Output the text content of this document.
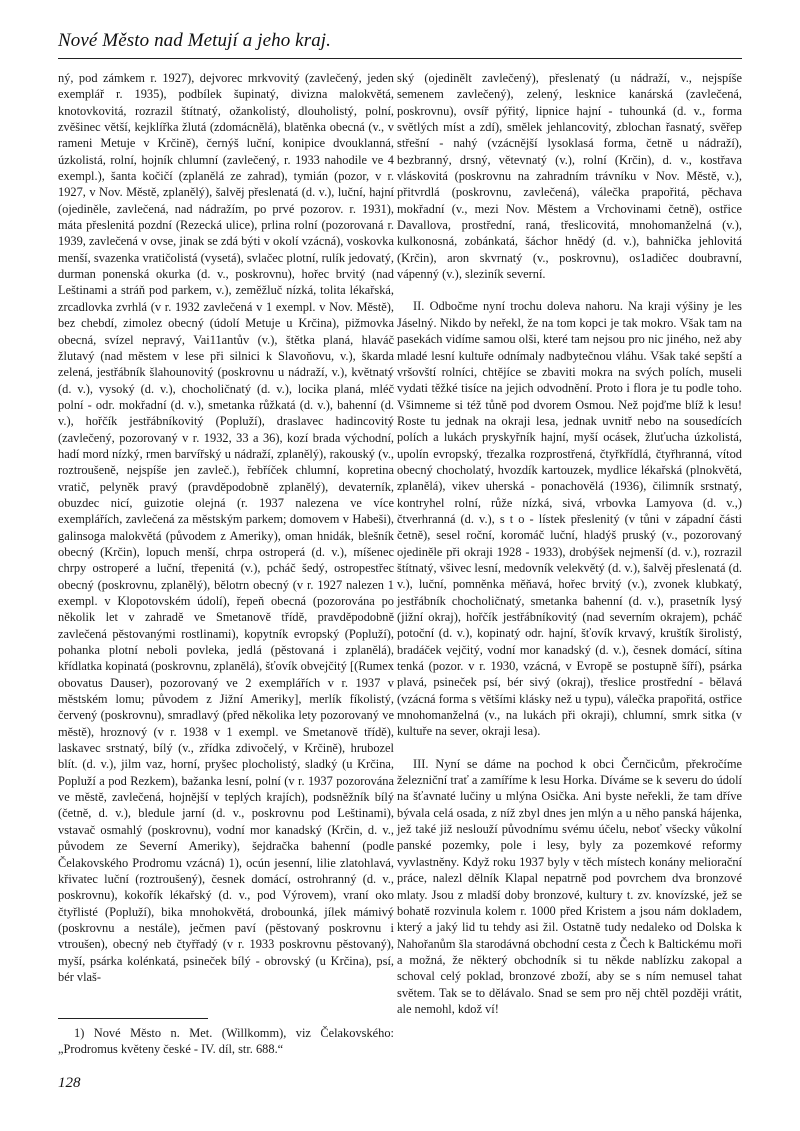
Nové Město nad Metují a jeho kraj.

ný, pod zámkem r. 1927), dejvorec mrkvovitý (zavlečený, jeden exemplář r. 1935), podbílek šupinatý, divizna malokvětá, knotovkovitá, rozrazil štítnatý, ožankolistý, dlouholistý, polní, zvěšinec větší, kejklířka žlutá (zdomácnělá), blatěnka obecná (v., v rameni Metuje v Krčině), černýš luční, konipice dvouklanná, úzkolistá, rolní, hojník chlumní (zavlečený, r. 1933 nahodile ve 4 exempl.), šanta kočičí (zplanělá ze zahrad), tymián (pozor, v r. 1927, v Nov. Městě, zplanělý), šalvěj přeslenatá (d. v.), luční, hajní (ojediněle, zavlečená, nad nádražím, po prvé pozorov. r. 1931), máta přeslenitá pozdní (Rezecká ulice), prlina rolní (pozorovaná r. 1939, zavlečená v ovse, jinak se zdá býti v okolí vzácná), voskovka menší, svazenka vratičolistá (vysetá), svlačec plotní, rulík jedovatý, durman ponenská okurka (d. v., poskrovnu), hořec brvitý (nad Leštinami a stráň pod parkem, v.), zeměžluč nízká, tolita lékařská, zrcadlovka zvrhlá (v r. 1932 zavlečená v 1 exempl. v Nov. Městě), bez chebdí, zimolez obecný (údolí Metuje u Krčina), pižmovka obecná, svízel nepravý, Vai11antův (v.), štětka planá, hlaváč žlutavý (nad městem v lese při silnici k Slavoňovu, v.), škarda zelená, jestřábník šlahounovitý (poskrovnu u nádraží, v.), květnatý (d. v.), vysoký (d. v.), chocholičnatý (d. v.), locika planá, mléč polní - odr. mokřadní (d. v.), smetanka růžkatá (d. v.), bahenní (d. v.), hořčík jestřábníkovitý (Popluží), draslavec hadincovitý (zavlečený, pozorovaný v r. 1932, 33 a 36), kozí brada východní, hadí mord nízký, rmen barvířský u nádraží, zplanělý), rakouský (v., roztroušeně, nejspíše jen zavleč.), řebříček chlumní, kopretina vratič, pelyněk pravý (pravděpodobně zplanělý), devaterník, obuzdec nicí, guizotie olejná (r. 1937 nalezena ve více exemplářích, zavlečená za městským parkem; domovem v Habeši), galinsoga malokvětá (původem z Ameriky), oman hnidák, blešník obecný (Krčin), lopuch menší, chrpa ostroperá (d. v.), míšenec chrpy ostroperé a luční, třepenitá (v.), pcháč šedý, ostropestřec obecný (poskrovnu, zplanělý), bělotrn obecný (v r. 1927 nalezen 1 exempl. v Klopotovském údolí), řepeň obecná (pozorována po několik let v zahradě ve Smetanově třídě, pravděpodobně zavlečená pěstovanými rostlinami), kopytník evropský (Popluží), pohanka plotní neboli povleka, jedlá (pěstovaná i zplanělá), křídlatka kopinatá (poskrovnu, zplanělá), šťovík obvejčitý [(Rumex obovatus Dauser), pozorovaný ve 2 exemplářích v r. 1937 v městském lomu; původem z Jižní Ameriky], merlík fíkolistý, červený (poskrovnu), smradlavý (před několika lety pozorovaný ve městě), hroznový (v r. 1938 v 1 exempl. ve Smetanově třídě), laskavec srstnatý, bílý (v., zřídka zdivočelý, v Krčině), hrubozel blít. (d. v.), jilm vaz, horní, pryšec plocholistý, sladký (u Krčina, Popluží a pod Rezkem), bažanka lesní, polní (v r. 1937 pozorována ve městě, zavlečená, hojnější v teplých krajích), podsněžník bílý (četně, d. v.), bledule jarní (d. v., poskrovnu pod Leštinami), vstavač osmahlý (poskrovnu), vodní mor kanadský (Krčin, d. v., původem ze Severní Ameriky), šejdračka bahenní (podle Čelakovského Prodromu vzácná) 1), ocún jesenní, lilie zlatohlavá, křivatec luční (roztroušený), česnek domácí, ostrohranný (d. v., poskrovnu), kokořík lékařský (d. v., pod Výrovem), vraní oko čtyřlisté (Popluží), bika mnohokvětá, drobounká, jílek mámivý (poskrovnu a nestále), ječmen paví (pěstovaný poskrovnu i vtroušen), obecný neb čtyřřadý (v r. 1933 poskrovnu pěstovaný), myší, psárka kolénkatá, psineček bílý - obrovský (u Krčina), psí, bér vlaš-

ský (ojedinělt zavlečený), přeslenatý (u nádraží, v., nejspíše semenem zavlečený), zelený, lesknice kanárská (zavlečená, poskrovnu), ovsíř pýřitý, lipnice hajní - tuhounká (d. v., forma světlých míst a zdí), smělek jehlancovitý, zblochan řasnatý, svěřep střešní - nahý (vzácnější lysoklasá forma, četně u nádraží), bezbranný, drsný, větevnatý (v.), rolní (Krčin), d. v., kostřava vláskovitá (poskrovnu na zahradním trávníku v Nov. Městě, v.), přitvrdlá (poskrovnu, zavlečená), válečka prapořitá, pěchava mokřadní (v., mezi Nov. Městem a Vrchovinami četně), ostřice Davallova, prostřední, raná, třeslicovitá, mnohomanželná (v.), kulkonosná, zobánkatá, šáchor hnědý (d. v.), bahnička jehlovitá (Krčin), aron skvrnatý (v., poskrovnu), os1adičec doubravní, vápenný (v.), sleziník severní.

II. Odbočme nyní trochu doleva nahoru. Na kraji výšiny je les Jáselný. Nikdo by neřekl, že na tom kopci je tak mokro. Však tam na pasekách vidíme samou olši, které tam nejsou pro nic jiného, než aby mladé lesní kultuře odnímaly nadbytečnou vláhu. Však také sepští a vršovští rolníci, chtějíce se zbaviti mokra na svých polích, museli vydati těžké tisíce na jejich odvodnění. Proto i flora je tu podle toho. Všimneme si též tůně pod dvorem Osmou. Než pojďme blíž k lesu! Roste tu jednak na okraji lesa, jednak uvnitř nebo na sousedících polích a lukách pryskyřník hajní, myší ocásek, žluťucha úzkolistá, upolín evropský, třezalka rozprostřená, čtyřkřídlá, čtyřhranná, vítod obecný chocholatý, hvozdík kartouzek, mydlice lékařská (plnokvětá, zplanělá), vikev uherská - ponachovělá (1936), čilimník srstnatý, kontryhel rolní, růže nízká, sivá, vrbovka Lamyova (d. v.,) čtverhranná (d. v.), s t o - lístek přeslenitý (v tůni v západní části četně), sesel roční, koromáč luční, hladýš pruský (v., pozorovaný ojediněle při okraji 1928 - 1933), drobýšek nejmenší (d. v.), rozrazil štítnatý, všivec lesní, medovník velekvětý (d. v.), šalvěj přeslenatá (d. v.), luční, pomněnka měňavá, hořec brvitý (v.), zvonek klubkatý, jestřábník chocholičnatý, smetanka bahenní (d. v.), prasetník lysý (jižní okraj), hořčík jestřábníkovitý (nad severním okrajem), pcháč potoční (d. v.), kopinatý odr. hajní, šťovík krvavý, kruštík širolistý, bradáček vejčitý, vodní mor kanadský (d. v.), česnek domácí, sítina tenká (pozor. v r. 1930, vzácná, v Evropě se postupně šíří), psárka plavá, psineček psí, bér sivý (okraj), třeslice prostřední - bělavá (vzácná forma s většími klásky než u typu), válečka prapořitá, ostřice mnohomanželná (v., na lukách při okraji), chlumní, smrk sitka (v kultuře na sever, okraji lesa).

III. Nyní se dáme na pochod k obci Černčicům, překročíme železniční trať a zamíříme k lesu Horka. Díváme se k severu do údolí na šťavnaté lučiny u mlýna Osička. Ani byste neřekli, že tam dříve bývala celá osada, z níž zbyl dnes jen mlýn a u něho panská hájenka, jež také již neslouží původnímu svému účelu, neboť všecky vůkolní panské pozemky, pole i lesy, byly za pozemkové reformy vyvlastněny. Když roku 1937 byly v těch místech konány meliorační práce, nalezl dělník Klapal nepatrně pod povrchem dva bronzové mlaty. Jsou z mladší doby bronzové, kultury t. zv. knovízské, jež se bohatě rozvinula kolem r. 1000 před Kristem a jsou nám dokladem, který a jaký lid tu tehdy asi žil. Ostatně tudy nedaleko od Dolska k Nahořanům šla starodávná obchodní cesta z Čech k Baltickému moři a možná, že některý obchodník si tu někde nablízku zakopal a schoval celý poklad, bronzové zboží, aby se s ním nemusel tahat světem. Tak se to dělávalo. Snad se sem pro něj chtěl později vrátit, ale nemohl, kdož ví!

1) Nové Město n. Met. (Willkomm), viz Čelakovského: „Prodromus květeny české - IV. díl, str. 688.“

128
